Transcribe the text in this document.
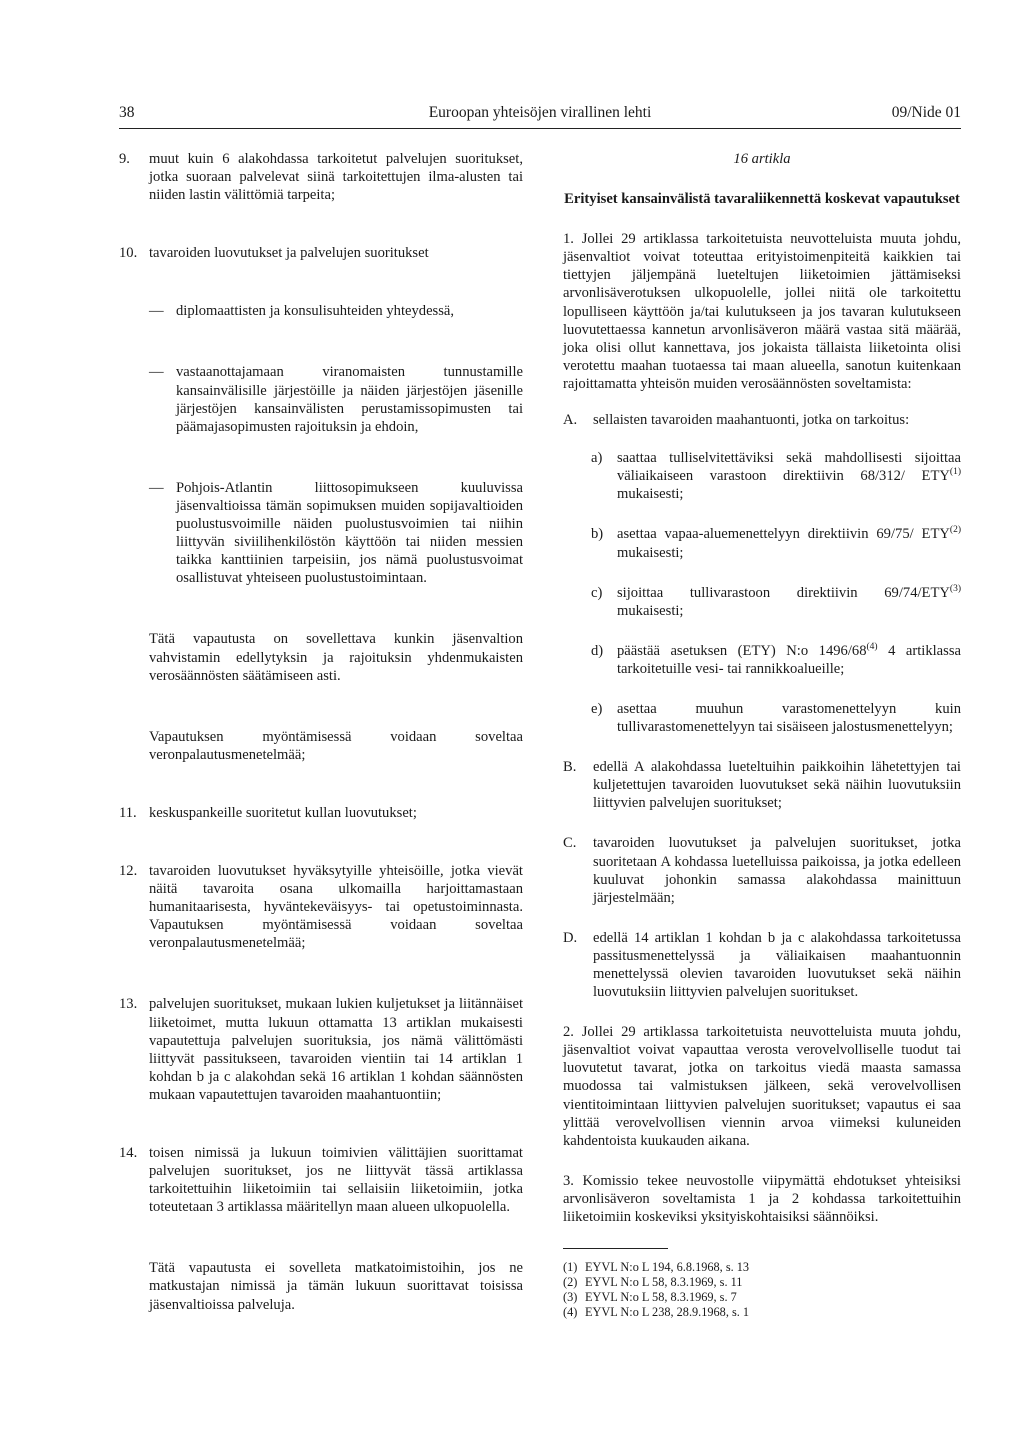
38	Euroopan yhteisöjen virallinen lehti	09/Nide 01
9. muut kuin 6 alakohdassa tarkoitetut palvelujen suoritukset, jotka suoraan palvelevat siinä tarkoitettujen ilma-alusten tai niiden lastin välittömiä tarpeita;
10. tavaroiden luovutukset ja palvelujen suoritukset
— diplomaattisten ja konsulisuhteiden yhteydessä,
— vastaanottajamaan viranomaisten tunnustamille kansainvälisille järjestöille ja näiden järjestöjen jäsenille järjestöjen kansainvälisten perustamissopimusten tai päämajasopimusten rajoituksin ja ehdoin,
— Pohjois-Atlantin liittosopimukseen kuuluvissa jäsenvaltioissa tämän sopimuksen muiden sopijavaltioiden puolustusvoimille näiden puolustusvoimien tai niihin liittyvän siviilihenkilöstön käyttöön tai niiden messien taikka kanttiinien tarpeisiin, jos nämä puolustusvoimat osallistuvat yhteiseen puolustustoimintaan.
Tätä vapautusta on sovellettava kunkin jäsenvaltion vahvistamin edellytyksin ja rajoituksin yhdenmukaisten verosäännösten säätämiseen asti.
Vapautuksen myöntämisessä voidaan soveltaa veronpalautusmenetelmää;
11. keskuspankeille suoritetut kullan luovutukset;
12. tavaroiden luovutukset hyväksytyille yhteisöille, jotka vievät näitä tavaroita osana ulkomailla harjoittamastaan humanitaarisesta, hyväntekeväisyys- tai opetustoiminnasta. Vapautuksen myöntämisessä voidaan soveltaa veronpalautusmenetelmää;
13. palvelujen suoritukset, mukaan lukien kuljetukset ja liitännäiset liiketoimet, mutta lukuun ottamatta 13 artiklan mukaisesti vapautettuja palvelujen suorituksia, jos nämä välittömästi liittyvät passitukseen, tavaroiden vientiin tai 14 artiklan 1 kohdan b ja c alakohdan sekä 16 artiklan 1 kohdan säännösten mukaan vapautettujen tavaroiden maahantuontiin;
14. toisen nimissä ja lukuun toimivien välittäjien suorittamat palvelujen suoritukset, jos ne liittyvät tässä artiklassa tarkoitettuihin liiketoimiin tai sellaisiin liiketoimiin, jotka toteutetaan 3 artiklassa määritellyn maan alueen ulkopuolella.
Tätä vapautusta ei sovelleta matkatoimistoihin, jos ne matkustajan nimissä ja tämän lukuun suorittavat toisissa jäsenvaltioissa palveluja.
16 artikla
Erityiset kansainvälistä tavaraliikennettä koskevat vapautukset

1. Jollei 29 artiklassa tarkoitetuista neuvotteluista muuta johdu, jäsenvaltiot voivat toteuttaa erityistoimenpiteitä kaikkien tai tiettyjen jäljempänä lueteltujen liiketoimien jättämiseksi arvonlisäverotuksen ulkopuolelle, jollei niitä ole tarkoitettu lopulliseen käyttöön ja/tai kulutukseen ja jos tavaran kulutukseen luovutettaessa kannetun arvonlisäveron määrä vastaa sitä määrää, joka olisi ollut kannettava, jos jokaista tällaista liiketointa olisi verotettu maahan tuotaessa tai maan alueella, sanotun kuitenkaan rajoittamatta yhteisön muiden verosäännösten soveltamista:

A. sellaisten tavaroiden maahantuonti, jotka on tarkoitus:
a) saattaa tulliselvitettäviksi sekä mahdollisesti sijoittaa väliaikaiseen varastoon direktiivin 68/312/ ETY$^{(1)}$ mukaisesti;
b) asettaa vapaa-aluemenettelyyn direktiivin 69/75/ ETY$^{(2)}$ mukaisesti;
c) sijoittaa tullivarastoon direktiivin 69/74/ETY$^{(3)}$ mukaisesti;
d) päästää asetuksen (ETY) N:o 1496/68$^{(4)}$ 4 artiklassa tarkoitetuille vesi- tai rannikkoalueille;
e) asettaa muuhun varastomenettelyyn kuin tullivarastomenettelyyn tai sisäiseen jalostusmenettelyyn;
B. edellä A alakohdassa lueteltuihin paikkoihin lähetettyjen tai kuljetettujen tavaroiden luovutukset sekä näihin luovutuksiin liittyvien palvelujen suoritukset;
C. tavaroiden luovutukset ja palvelujen suoritukset, jotka suoritetaan A kohdassa luetelluissa paikoissa, ja jotka edelleen kuuluvat johonkin samassa alakohdassa mainittuun järjestelmään;
D. edellä 14 artiklan 1 kohdan b ja c alakohdassa tarkoitetussa passitusmenettelyssä ja väliaikaisen maahantuonnin menettelyssä olevien tavaroiden luovutukset sekä näihin luovutuksiin liittyvien palvelujen suoritukset.

2. Jollei 29 artiklassa tarkoitetuista neuvotteluista muuta johdu, jäsenvaltiot voivat vapauttaa verosta verovelvolliselle tuodut tai luovutetut tavarat, jotka on tarkoitus viedä maasta samassa muodossa tai valmistuksen jälkeen, sekä verovelvollisen vientitoimintaan liittyvien palvelujen suoritukset; vapautus ei saa ylittää verovelvollisen viennin arvoa viimeksi kuluneiden kahdentoista kuukauden aikana.

3. Komissio tekee neuvostolle viipymättä ehdotukset yhteisiksi arvonlisäveron soveltamista 1 ja 2 kohdassa tarkoitettuihin liiketoimiin koskeviksi yksityiskohtaisiksi säännöiksi.

(1) EYVL N:o L 194, 6.8.1968, s. 13
(2) EYVL N:o L 58, 8.3.1969, s. 11
(3) EYVL N:o L 58, 8.3.1969, s. 7
(4) EYVL N:o L 238, 28.9.1968, s. 1
